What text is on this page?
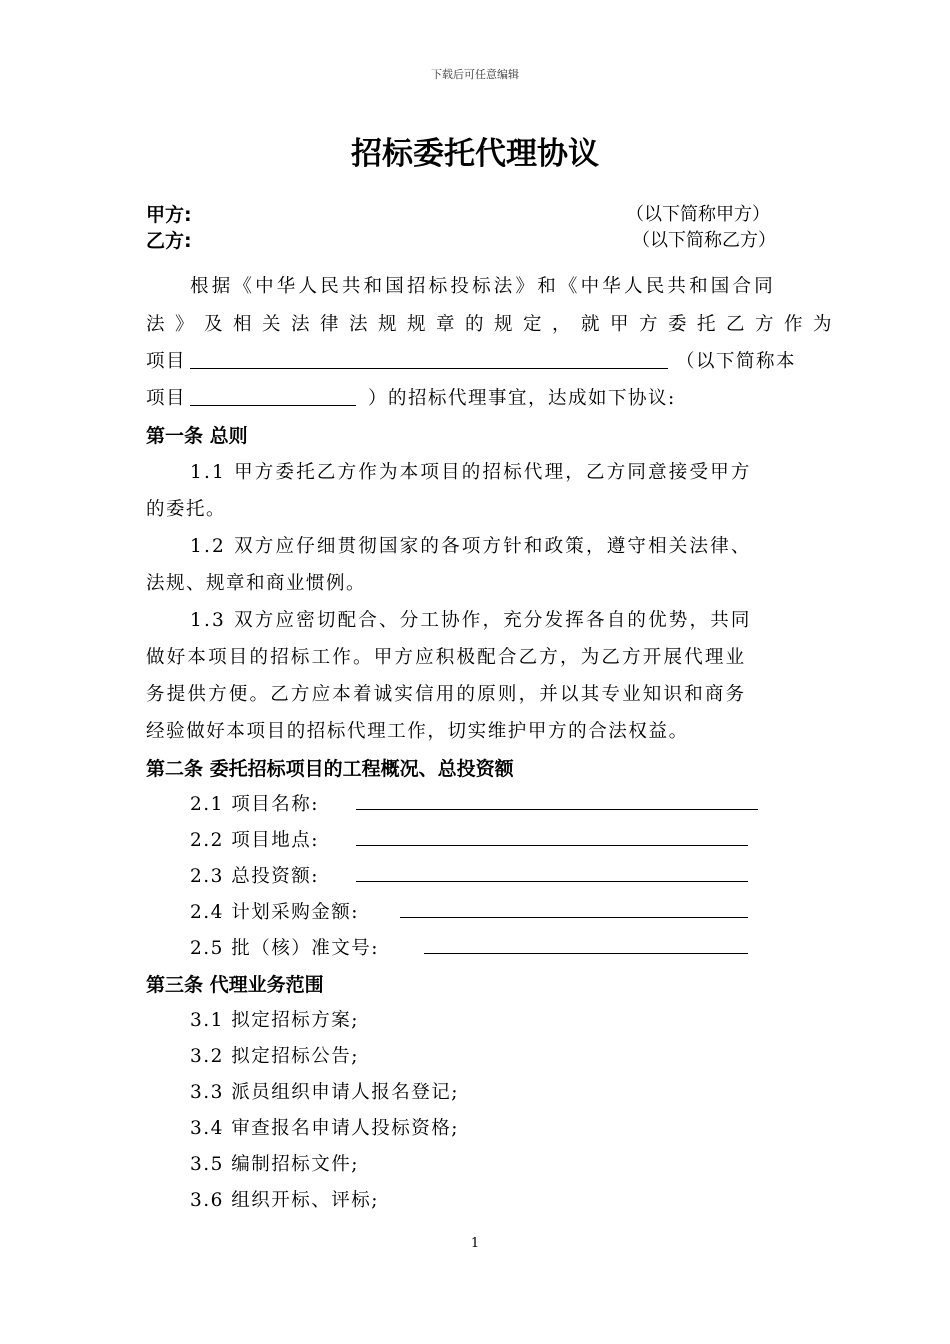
下载后可任意编辑
招标委托代理协议
甲方:	（以下简称甲方）
乙方:	（以下简称乙方）
根据《中华人民共和国招标投标法》和《中华人民共和国合同
法》及相关法律法规规章的规定，就甲方委托乙方作为
项目	（以下简称本
项目	）的招标代理事宜，达成如下协议:
第一条 总则
1.1 甲方委托乙方作为本项目的招标代理，乙方同意接受甲方
的委托。
1.2 双方应仔细贯彻国家的各项方针和政策，遵守相关法律、
法规、规章和商业惯例。
1.3 双方应密切配合、分工协作，充分发挥各自的优势，共同
做好本项目的招标工作。甲方应积极配合乙方，为乙方开展代理业
务提供方便。乙方应本着诚实信用的原则，并以其专业知识和商务
经验做好本项目的招标代理工作，切实维护甲方的合法权益。
第二条 委托招标项目的工程概况、总投资额
2.1 项目名称:
2.2 项目地点:
2.3 总投资额:
2.4 计划采购金额:
2.5 批（核）准文号:
第三条 代理业务范围
3.1 拟定招标方案;
3.2 拟定招标公告;
3.3 派员组织申请人报名登记;
3.4 审查报名申请人投标资格;
3.5 编制招标文件;
3.6 组织开标、评标;
1
